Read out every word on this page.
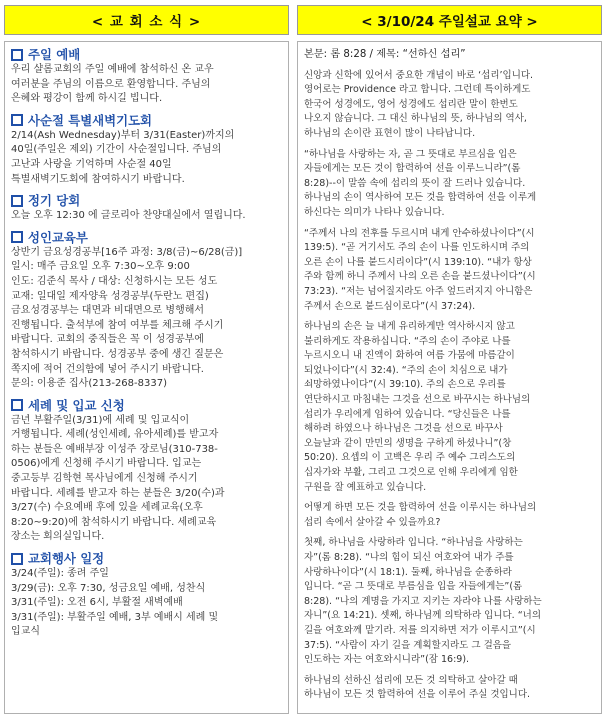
< 교 회 소 식 >
주일 예배
우리 샬롬교회의 주일 예배에 참석하신 온 교우
여러분을 주님의 이름으로 환영합니다. 주님의
은혜와 평강이 함께 하시길 빕니다.
사순절 특별새벽기도회
2/14(Ash Wednesday)부터 3/31(Easter)까지의
40일(주일은 제외) 기간이 사순절입니다. 주님의
고난과 사랑을 기억하며 사순절 40일
특별새벽기도회에 참여하시기 바랍니다.
정기 당회
오늘 오후 12:30 에 글로리아 찬양대실에서 열립니다.
성인교육부
상반기 금요성경공부[16주 과정: 3/8(금)~6/28(금)]
일시: 매주 금요일 오후 7:30~오후 9:00
인도: 김준식 목사 / 대상: 신청하시는 모든 성도
교재: 일대일 제자양육 성경공부(두란노 편집)
금요성경공부는 대면과 비대면으로 병행해서
진행됩니다. 출석부에 참여 여부를 체크해 주시기
바랍니다. 교회의 중직들은 꼭 이 성경공부에
참석하시기 바랍니다. 성경공부 중에 생긴 질문은
쪽지에 적어 건의함에 넣어 주시기 바랍니다.
문의: 이용준 집사(213-268-8337)
세례 및 입교 신청
금년 부활주일(3/31)에 세례 및 입교식이
거행됩니다. 세례(성인세례, 유아세례)를 받고자
하는 분들은 예배부장 이성주 장로님(310-738-
0506)에게 신청해 주시기 바랍니다. 입교는
중고등부 김학현 목사님에게 신청해 주시기
바랍니다. 세례를 받고자 하는 분들은 3/20(수)과
3/27(수) 수요예배 후에 있을 세례교육(오후
8:20~9:20)에 참석하시기 바랍니다. 세례교육
장소는 회의실입니다.
교회행사 일정
3/24(주일): 종려 주일
3/29(금): 오후 7:30, 성금요일 예배, 성찬식
3/31(주일): 오전 6시, 부활절 새벽예배
3/31(주일): 부활주일 예배, 3부 예배시 세례 및
입교식
< 3/10/24 주일설교 요약 >
본문: 롬 8:28 / 제목: “선하신 섭리”
신앙과 신학에 있어서 중요한 개념이 바로 ‘섭리’입니다.
영어로는 Providence 라고 합니다. 그런데 특이하게도
한국어 성경에도, 영어 성경에도 섭리란 말이 한번도
나오지 않습니다. 그 대신 하나님의 뜻, 하나님의 역사,
하나님의 손이란 표현이 많이 나타납니다.
“하나님을 사랑하는 자, 곧 그 뜻대로 부르심을 입은
자들에게는 모든 것이 합력하여 선을 이루느니라”(롬
8:28)--이 말씀 속에 섭리의 뜻이 잘 드러나 있습니다.
하나님의 손이 역사하여 모든 것을 합력하여 선을 이루게
하신다는 의미가 나타나 있습니다.
“주께서 나의 전후를 두르시며 내게 안수하셨나이다”(시
139:5). “곧 거기서도 주의 손이 나를 인도하시며 주의
오른 손이 나를 붙드시리이다”(시 139:10). “내가 항상
주와 함께 하니 주께서 나의 오른 손을 붙드셨나이다”(시
73:23). “저는 넘어질지라도 아주 엎드러지지 아니함은
주께서 손으로 붙드심이로다”(시 37:24).
하나님의 손은 늘 내게 유리하게만 역사하시지 않고
불리하게도 작용하십니다. “주의 손이 주야로 나를
누르시오니 내 진액이 화하여 여름 가뭄에 마름같이
되었나이다”(시 32:4). “주의 손이 치심으로 내가
쇠망하였나이다”(시 39:10). 주의 손으로 우리를
연단하시고 마침내는 그것을 선으로 바꾸시는 하나님의
섭리가 우리에게 임하여 있습니다. “당신들은 나를
해하려 하였으나 하나님은 그것을 선으로 바꾸사
오늘날과 같이 만민의 생명을 구하게 하셨나니”(창
50:20). 요셉의 이 고백은 우리 주 예수 그리스도의
십자가와 부활, 그리고 그것으로 인해 우리에게 임한
구원을 잘 예표하고 있습니다.
어떻게 하면 모든 것을 합력하여 선을 이루시는 하나님의
섭리 속에서 살아갈 수 있을까요?
첫째, 하나님을 사랑하라 입니다. “하나님을 사랑하는
자”(롬 8:28). “나의 힘이 되신 여호와여 내가 주를
사랑하나이다”(시 18:1). 둘째, 하나님을 순종하라
입니다. “곧 그 뜻대로 부름심을 입을 자들에게는”(롬
8:28). “나의 계명을 가지고 지키는 자라야 나를 사랑하는
자니”(요 14:21). 셋째, 하나님께 의탁하라 입니다. “너의
길을 여호와께 맡기라. 저를 의지하면 저가 이루시고”(시
37:5). “사람이 자기 길을 계획할지라도 그 걸음을
인도하는 자는 여호와시니라”(잠 16:9).
하나님의 선하신 섭리에 모든 것 의탁하고 살아갈 때
하나님이 모든 것 합력하여 선을 이루어 주실 것입니다.
